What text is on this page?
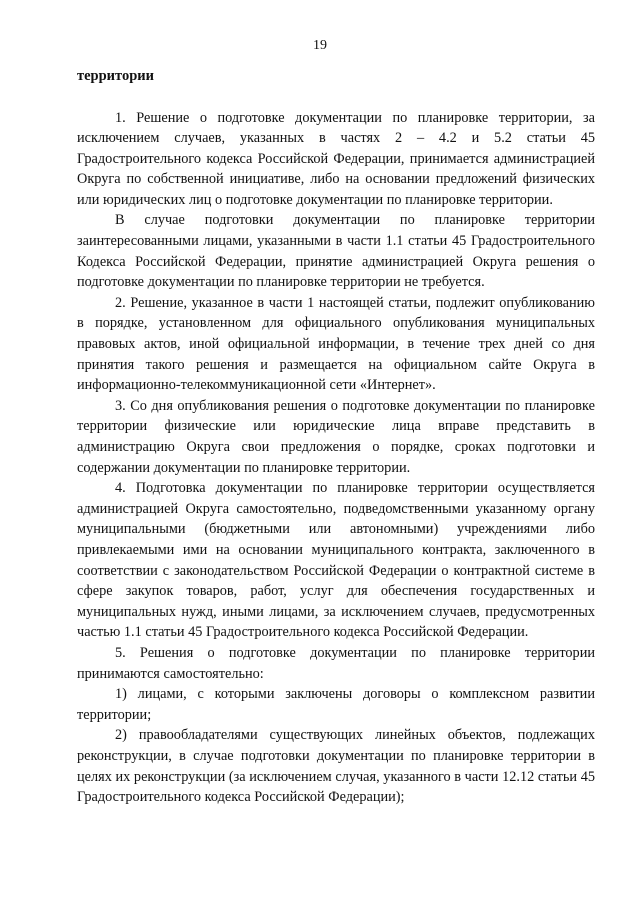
19
территории

1. Решение о подготовке документации по планировке территории, за исключением случаев, указанных в частях 2 – 4.2 и 5.2 статьи 45 Градостроительного кодекса Российской Федерации, принимается администрацией Округа по собственной инициативе, либо на основании предложений физических или юридических лиц о подготовке документации по планировке территории.

В случае подготовки документации по планировке территории заинтересованными лицами, указанными в части 1.1 статьи 45 Градостроительного Кодекса Российской Федерации, принятие администрацией Округа решения о подготовке документации по планировке территории не требуется.

2. Решение, указанное в части 1 настоящей статьи, подлежит опубликованию в порядке, установленном для официального опубликования муниципальных правовых актов, иной официальной информации, в течение трех дней со дня принятия такого решения и размещается на официальном сайте Округа в информационно-телекоммуникационной сети «Интернет».

3. Со дня опубликования решения о подготовке документации по планировке территории физические или юридические лица вправе представить в администрацию Округа свои предложения о порядке, сроках подготовки и содержании документации по планировке территории.

4. Подготовка документации по планировке территории осуществляется администрацией Округа самостоятельно, подведомственными указанному органу муниципальными (бюджетными или автономными) учреждениями либо привлекаемыми ими на основании муниципального контракта, заключенного в соответствии с законодательством Российской Федерации о контрактной системе в сфере закупок товаров, работ, услуг для обеспечения государственных и муниципальных нужд, иными лицами, за исключением случаев, предусмотренных частью 1.1 статьи 45 Градостроительного кодекса Российской Федерации.

5. Решения о подготовке документации по планировке территории принимаются самостоятельно:

1) лицами, с которыми заключены договоры о комплексном развитии территории;

2) правообладателями существующих линейных объектов, подлежащих реконструкции, в случае подготовки документации по планировке территории в целях их реконструкции (за исключением случая, указанного в части 12.12 статьи 45 Градостроительного кодекса Российской Федерации);
